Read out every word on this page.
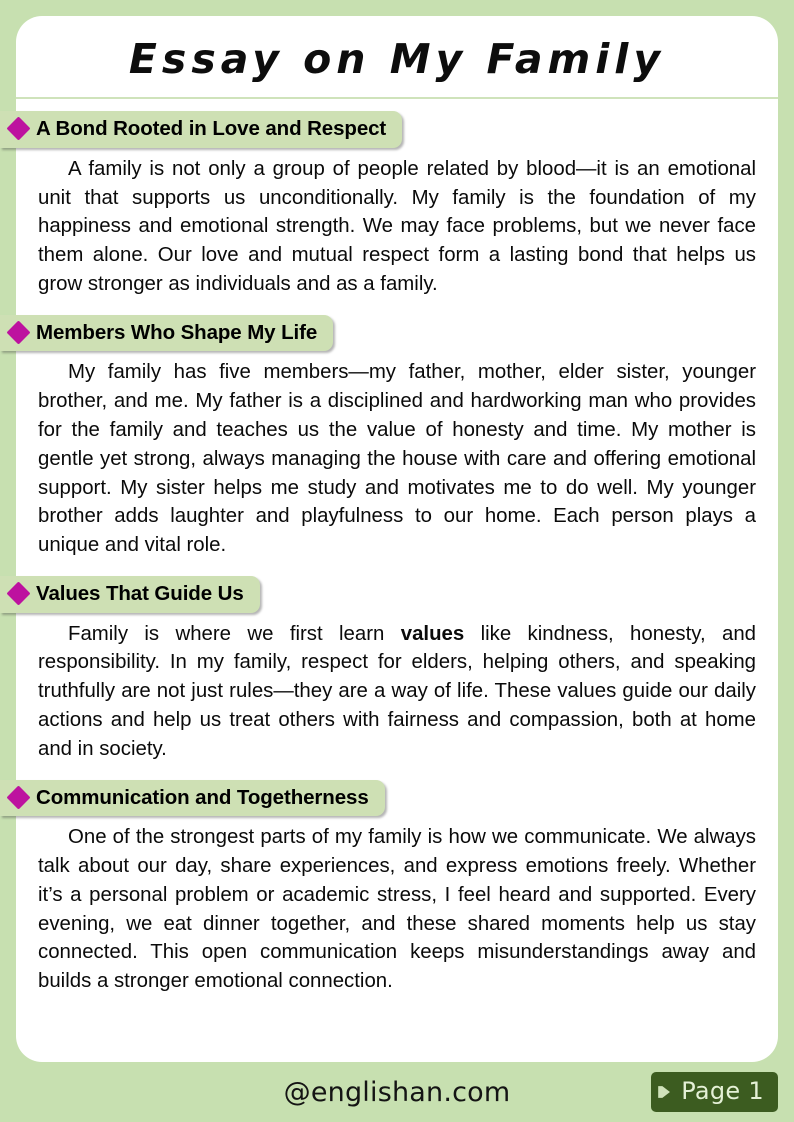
Essay on My Family
A Bond Rooted in Love and Respect

A family is not only a group of people related by blood—it is an emotional unit that supports us unconditionally. My family is the foundation of my happiness and emotional strength. We may face problems, but we never face them alone. Our love and mutual respect form a lasting bond that helps us grow stronger as individuals and as a family.

Members Who Shape My Life

My family has five members—my father, mother, elder sister, younger brother, and me. My father is a disciplined and hardworking man who provides for the family and teaches us the value of honesty and time. My mother is gentle yet strong, always managing the house with care and offering emotional support. My sister helps me study and motivates me to do well. My younger brother adds laughter and playfulness to our home. Each person plays a unique and vital role.

Values That Guide Us

Family is where we first learn values like kindness, honesty, and responsibility. In my family, respect for elders, helping others, and speaking truthfully are not just rules—they are a way of life. These values guide our daily actions and help us treat others with fairness and compassion, both at home and in society.

Communication and Togetherness

One of the strongest parts of my family is how we communicate. We always talk about our day, share experiences, and express emotions freely. Whether it’s a personal problem or academic stress, I feel heard and supported. Every evening, we eat dinner together, and these shared moments help us stay connected. This open communication keeps misunderstandings away and builds a stronger emotional connection.

@englishan.com	Page 1
